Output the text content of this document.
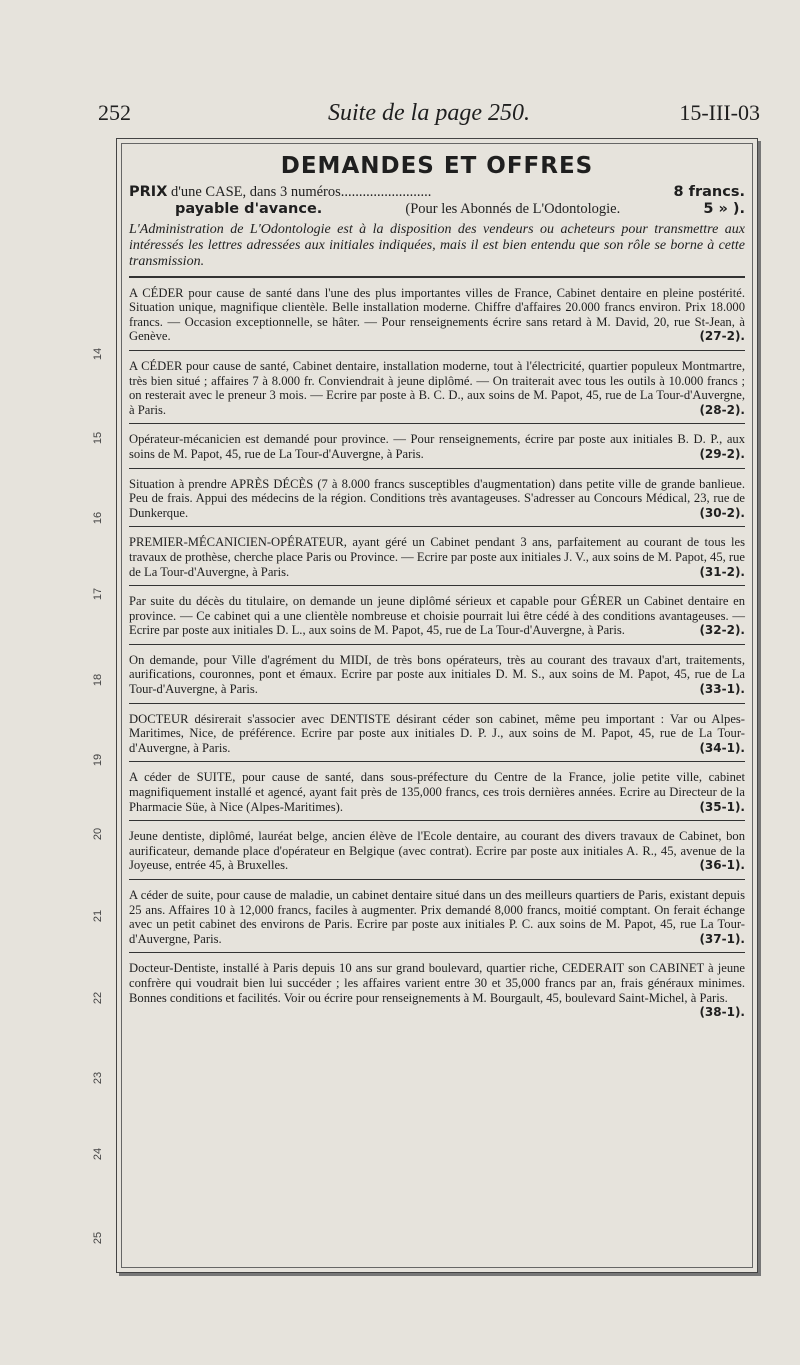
252	Suite de la page 250.	15-III-03
14
15
16
17
18
19
20
21
22
23
24
25
DEMANDES ET OFFRES
PRIX d'une CASE, dans 3 numéros.........................	8 francs.
payable d'avance.	(Pour les Abonnés de L'Odontologie.	5 » ).
L'Administration de L'Odontologie est à la disposition des vendeurs ou acheteurs pour transmettre aux intéressés les lettres adressées aux initiales indiquées, mais il est bien entendu que son rôle se borne à cette transmission.
A CÉDER pour cause de santé dans l'une des plus importantes villes de France, Cabinet dentaire en pleine postérité. Situation unique, magnifique clientèle. Belle installation moderne. Chiffre d'affaires 20.000 francs environ. Prix 18.000 francs. — Occasion exceptionnelle, se hâter. — Pour renseignements écrire sans retard à M. David, 20, rue St-Jean, à Genève.	(27-2).
A CÉDER pour cause de santé, Cabinet dentaire, installation moderne, tout à l'électricité, quartier populeux Montmartre, très bien situé ; affaires 7 à 8.000 fr. Conviendrait à jeune diplômé. — On traiterait avec tous les outils à 10.000 francs ; on resterait avec le preneur 3 mois. — Ecrire par poste à B. C. D., aux soins de M. Papot, 45, rue de La Tour-d'Auvergne, à Paris.	(28-2).
Opérateur-mécanicien est demandé pour province. — Pour renseignements, écrire par poste aux initiales B. D. P., aux soins de M. Papot, 45, rue de La Tour-d'Auvergne, à Paris.	(29-2).
Situation à prendre APRÈS DÉCÈS (7 à 8.000 francs susceptibles d'augmentation) dans petite ville de grande banlieue. Peu de frais. Appui des médecins de la région. Conditions très avantageuses. S'adresser au Concours Médical, 23, rue de Dunkerque.	(30-2).
PREMIER-MÉCANICIEN-OPÉRATEUR, ayant géré un Cabinet pendant 3 ans, parfaitement au courant de tous les travaux de prothèse, cherche place Paris ou Province. — Ecrire par poste aux initiales J. V., aux soins de M. Papot, 45, rue de La Tour-d'Auvergne, à Paris.	(31-2).
Par suite du décès du titulaire, on demande un jeune diplômé sérieux et capable pour GÉRER un Cabinet dentaire en province. — Ce cabinet qui a une clientèle nombreuse et choisie pourrait lui être cédé à des conditions avantageuses. — Ecrire par poste aux initiales D. L., aux soins de M. Papot, 45, rue de La Tour-d'Auvergne, à Paris.	(32-2).
On demande, pour Ville d'agrément du MIDI, de très bons opérateurs, très au courant des travaux d'art, traitements, aurifications, couronnes, pont et émaux. Ecrire par poste aux initiales D. M. S., aux soins de M. Papot, 45, rue de La Tour-d'Auvergne, à Paris.	(33-1).
DOCTEUR désirerait s'associer avec DENTISTE désirant céder son cabinet, même peu important : Var ou Alpes-Maritimes, Nice, de préférence. Ecrire par poste aux initiales D. P. J., aux soins de M. Papot, 45, rue de La Tour-d'Auvergne, à Paris.	(34-1).
A céder de SUITE, pour cause de santé, dans sous-préfecture du Centre de la France, jolie petite ville, cabinet magnifiquement installé et agencé, ayant fait près de 135,000 francs, ces trois dernières années. Ecrire au Directeur de la Pharmacie Süe, à Nice (Alpes-Maritimes).	(35-1).
Jeune dentiste, diplômé, lauréat belge, ancien élève de l'Ecole dentaire, au courant des divers travaux de Cabinet, bon aurificateur, demande place d'opérateur en Belgique (avec contrat). Ecrire par poste aux initiales A. R., 45, avenue de la Joyeuse, entrée 45, à Bruxelles.	(36-1).
A céder de suite, pour cause de maladie, un cabinet dentaire situé dans un des meilleurs quartiers de Paris, existant depuis 25 ans. Affaires 10 à 12,000 francs, faciles à augmenter. Prix demandé 8,000 francs, moitié comptant. On ferait échange avec un petit cabinet des environs de Paris. Ecrire par poste aux initiales P. C. aux soins de M. Papot, 45, rue La Tour-d'Auvergne, Paris.	(37-1).
Docteur-Dentiste, installé à Paris depuis 10 ans sur grand boulevard, quartier riche, CEDERAIT son CABINET à jeune confrère qui voudrait bien lui succéder ; les affaires varient entre 30 et 35,000 francs par an, frais généraux minimes. Bonnes conditions et facilités. Voir ou écrire pour renseignements à M. Bourgault, 45, boulevard Saint-Michel, à Paris.
(38-1).
